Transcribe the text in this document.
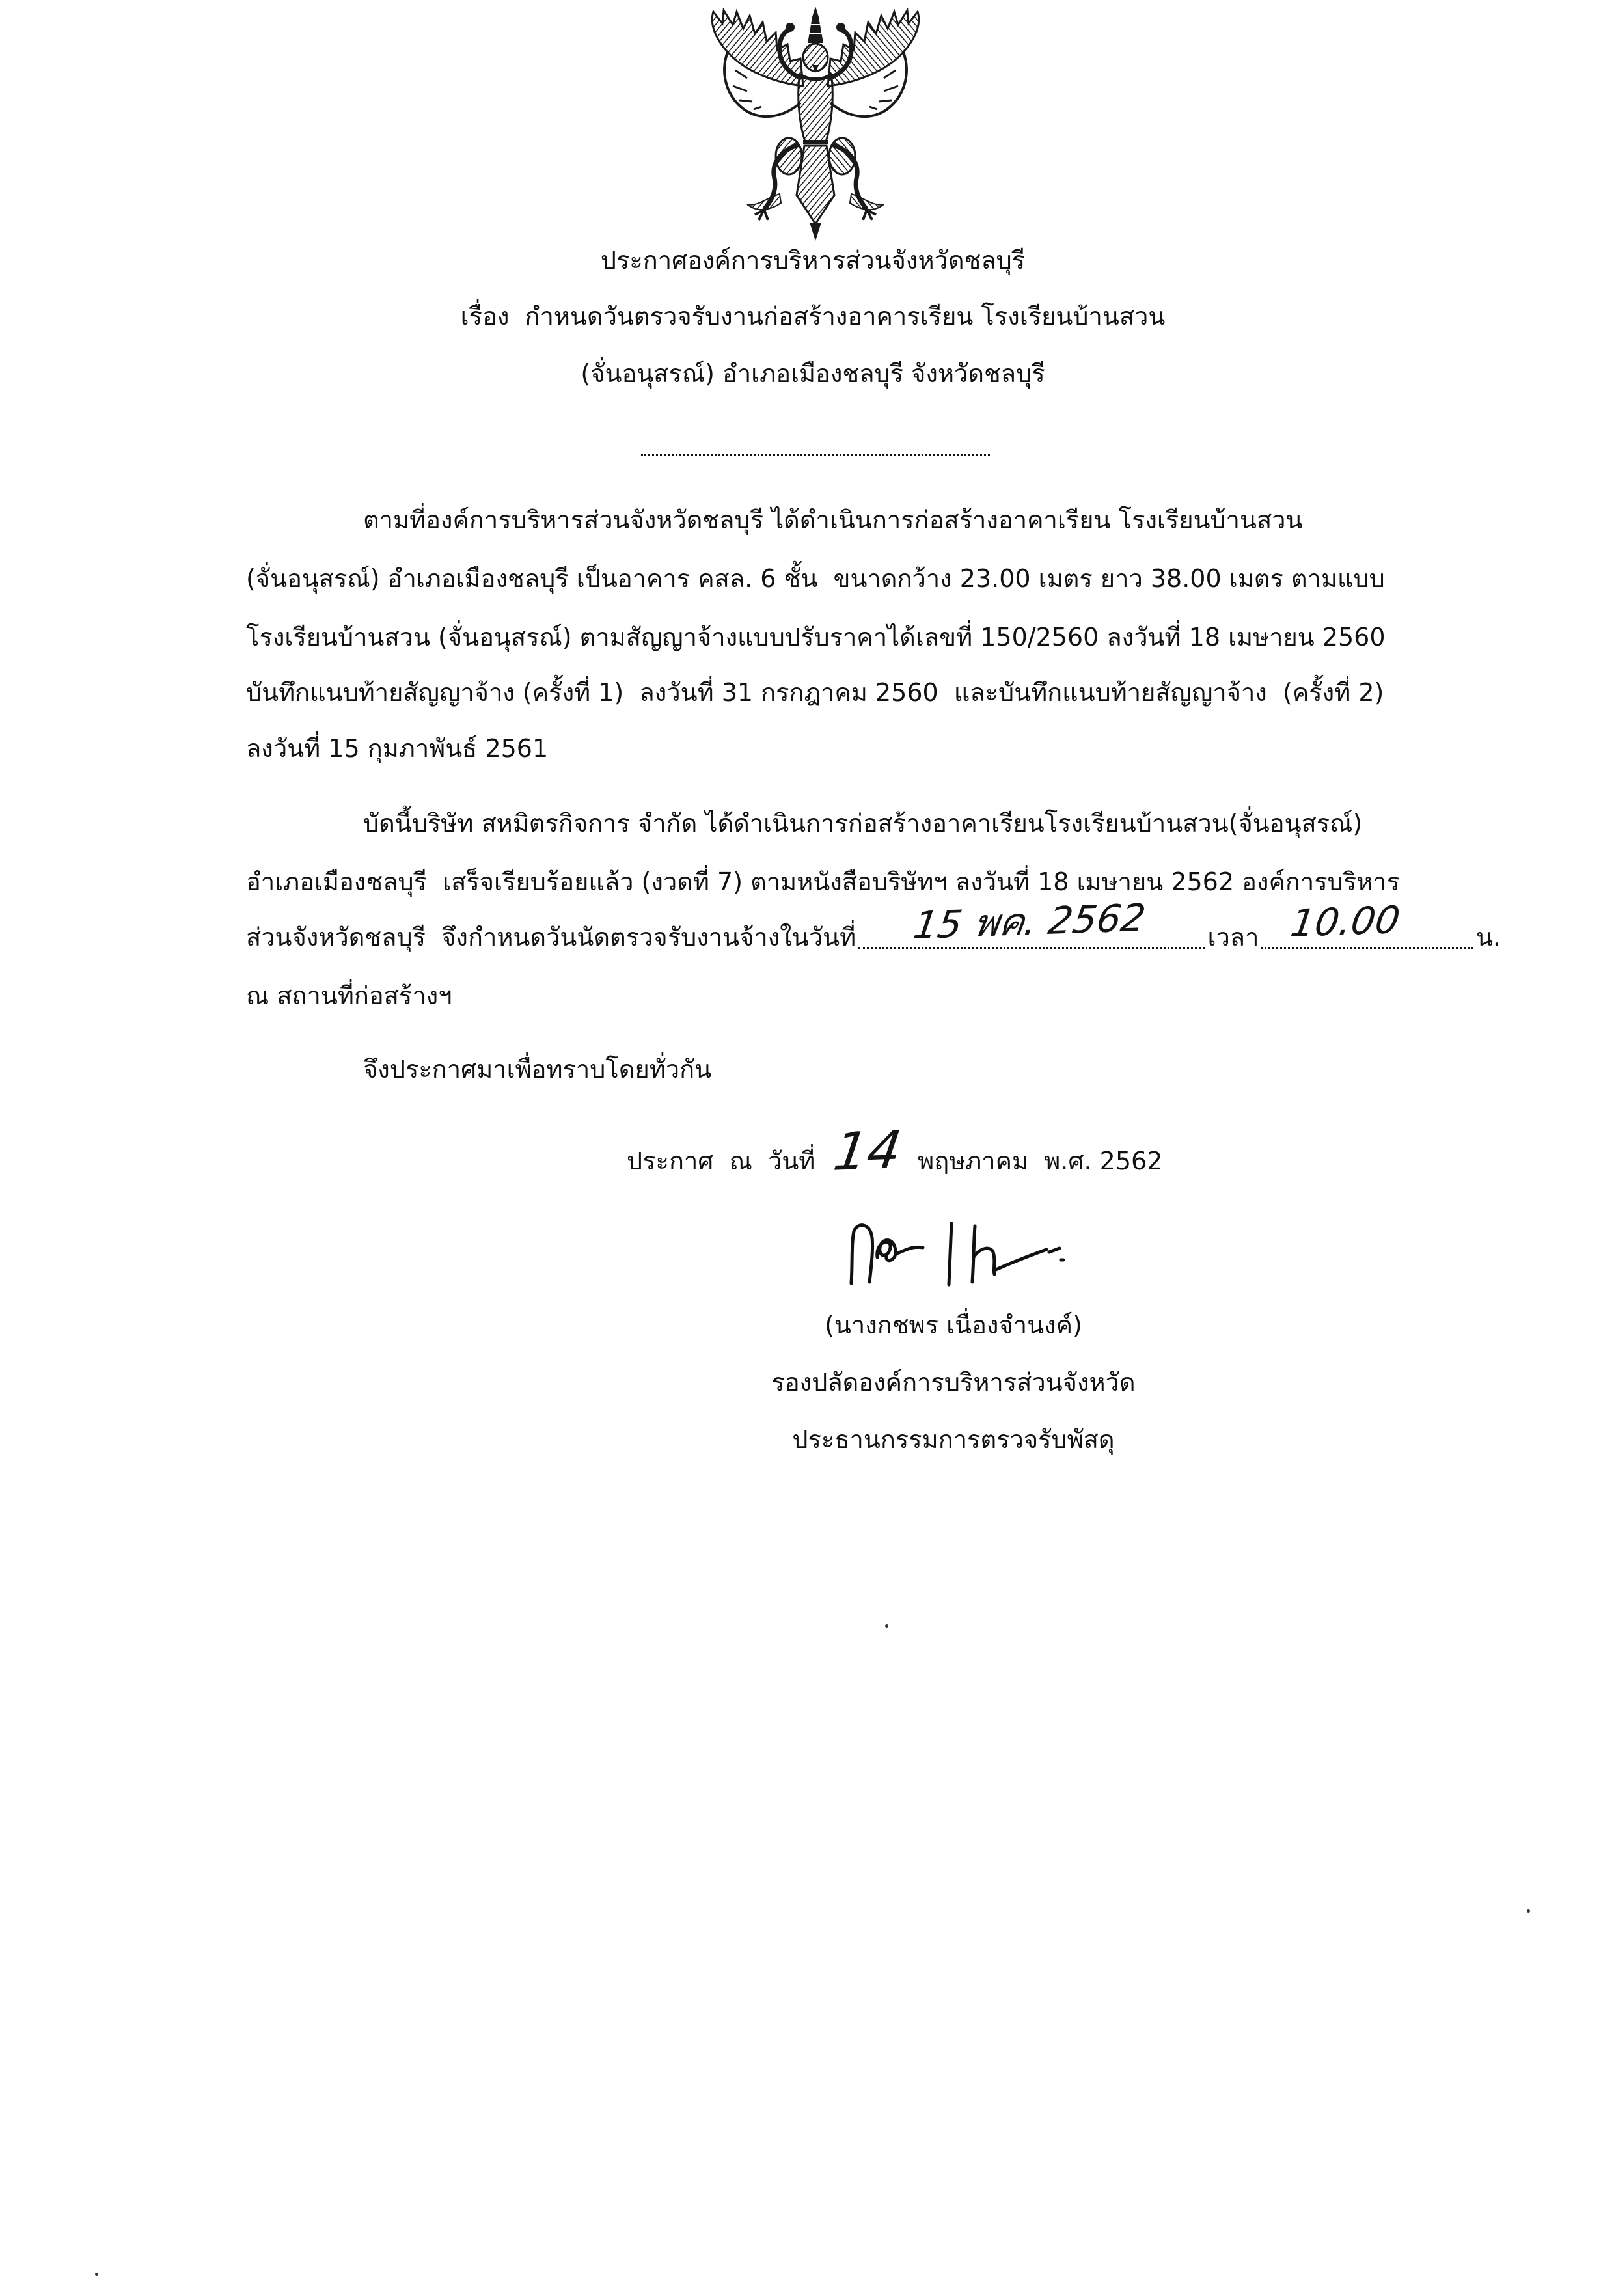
ประกาศองค์การบริหารส่วนจังหวัดชลบุรี
เรื่อง  กำหนดวันตรวจรับงานก่อสร้างอาคารเรียน โรงเรียนบ้านสวน
(จั่นอนุสรณ์) อำเภอเมืองชลบุรี จังหวัดชลบุรี
ตามที่องค์การบริหารส่วนจังหวัดชลบุรี ได้ดำเนินการก่อสร้างอาคาเรียน โรงเรียนบ้านสวน
(จั่นอนุสรณ์) อำเภอเมืองชลบุรี เป็นอาคาร คสล. 6 ชั้น  ขนาดกว้าง 23.00 เมตร ยาว 38.00 เมตร ตามแบบ
โรงเรียนบ้านสวน (จั่นอนุสรณ์) ตามสัญญาจ้างแบบปรับราคาได้เลขที่ 150/2560 ลงวันที่ 18 เมษายน 2560
บันทึกแนบท้ายสัญญาจ้าง (ครั้งที่ 1)  ลงวันที่ 31 กรกฎาคม 2560  และบันทึกแนบท้ายสัญญาจ้าง  (ครั้งที่ 2)
ลงวันที่ 15 กุมภาพันธ์ 2561
บัดนี้บริษัท สหมิตรกิจการ จำกัด ได้ดำเนินการก่อสร้างอาคาเรียนโรงเรียนบ้านสวน(จั่นอนุสรณ์)
อำเภอเมืองชลบุรี  เสร็จเรียบร้อยแล้ว (งวดที่ 7) ตามหนังสือบริษัทฯ ลงวันที่ 18 เมษายน 2562 องค์การบริหาร
ส่วนจังหวัดชลบุรี  จึงกำหนดวันนัดตรวจรับงานจ้างในวันที่

15 พค. 2562

เวลา

10.00

	น.
ณ สถานที่ก่อสร้างฯ
จึงประกาศมาเพื่อทราบโดยทั่วกัน
ประกาศ  ณ  วันที่ 14 พฤษภาคม  พ.ศ. 2562
(นางกชพร เนื่องจำนงค์)
รองปลัดองค์การบริหารส่วนจังหวัด
ประธานกรรมการตรวจรับพัสดุ
